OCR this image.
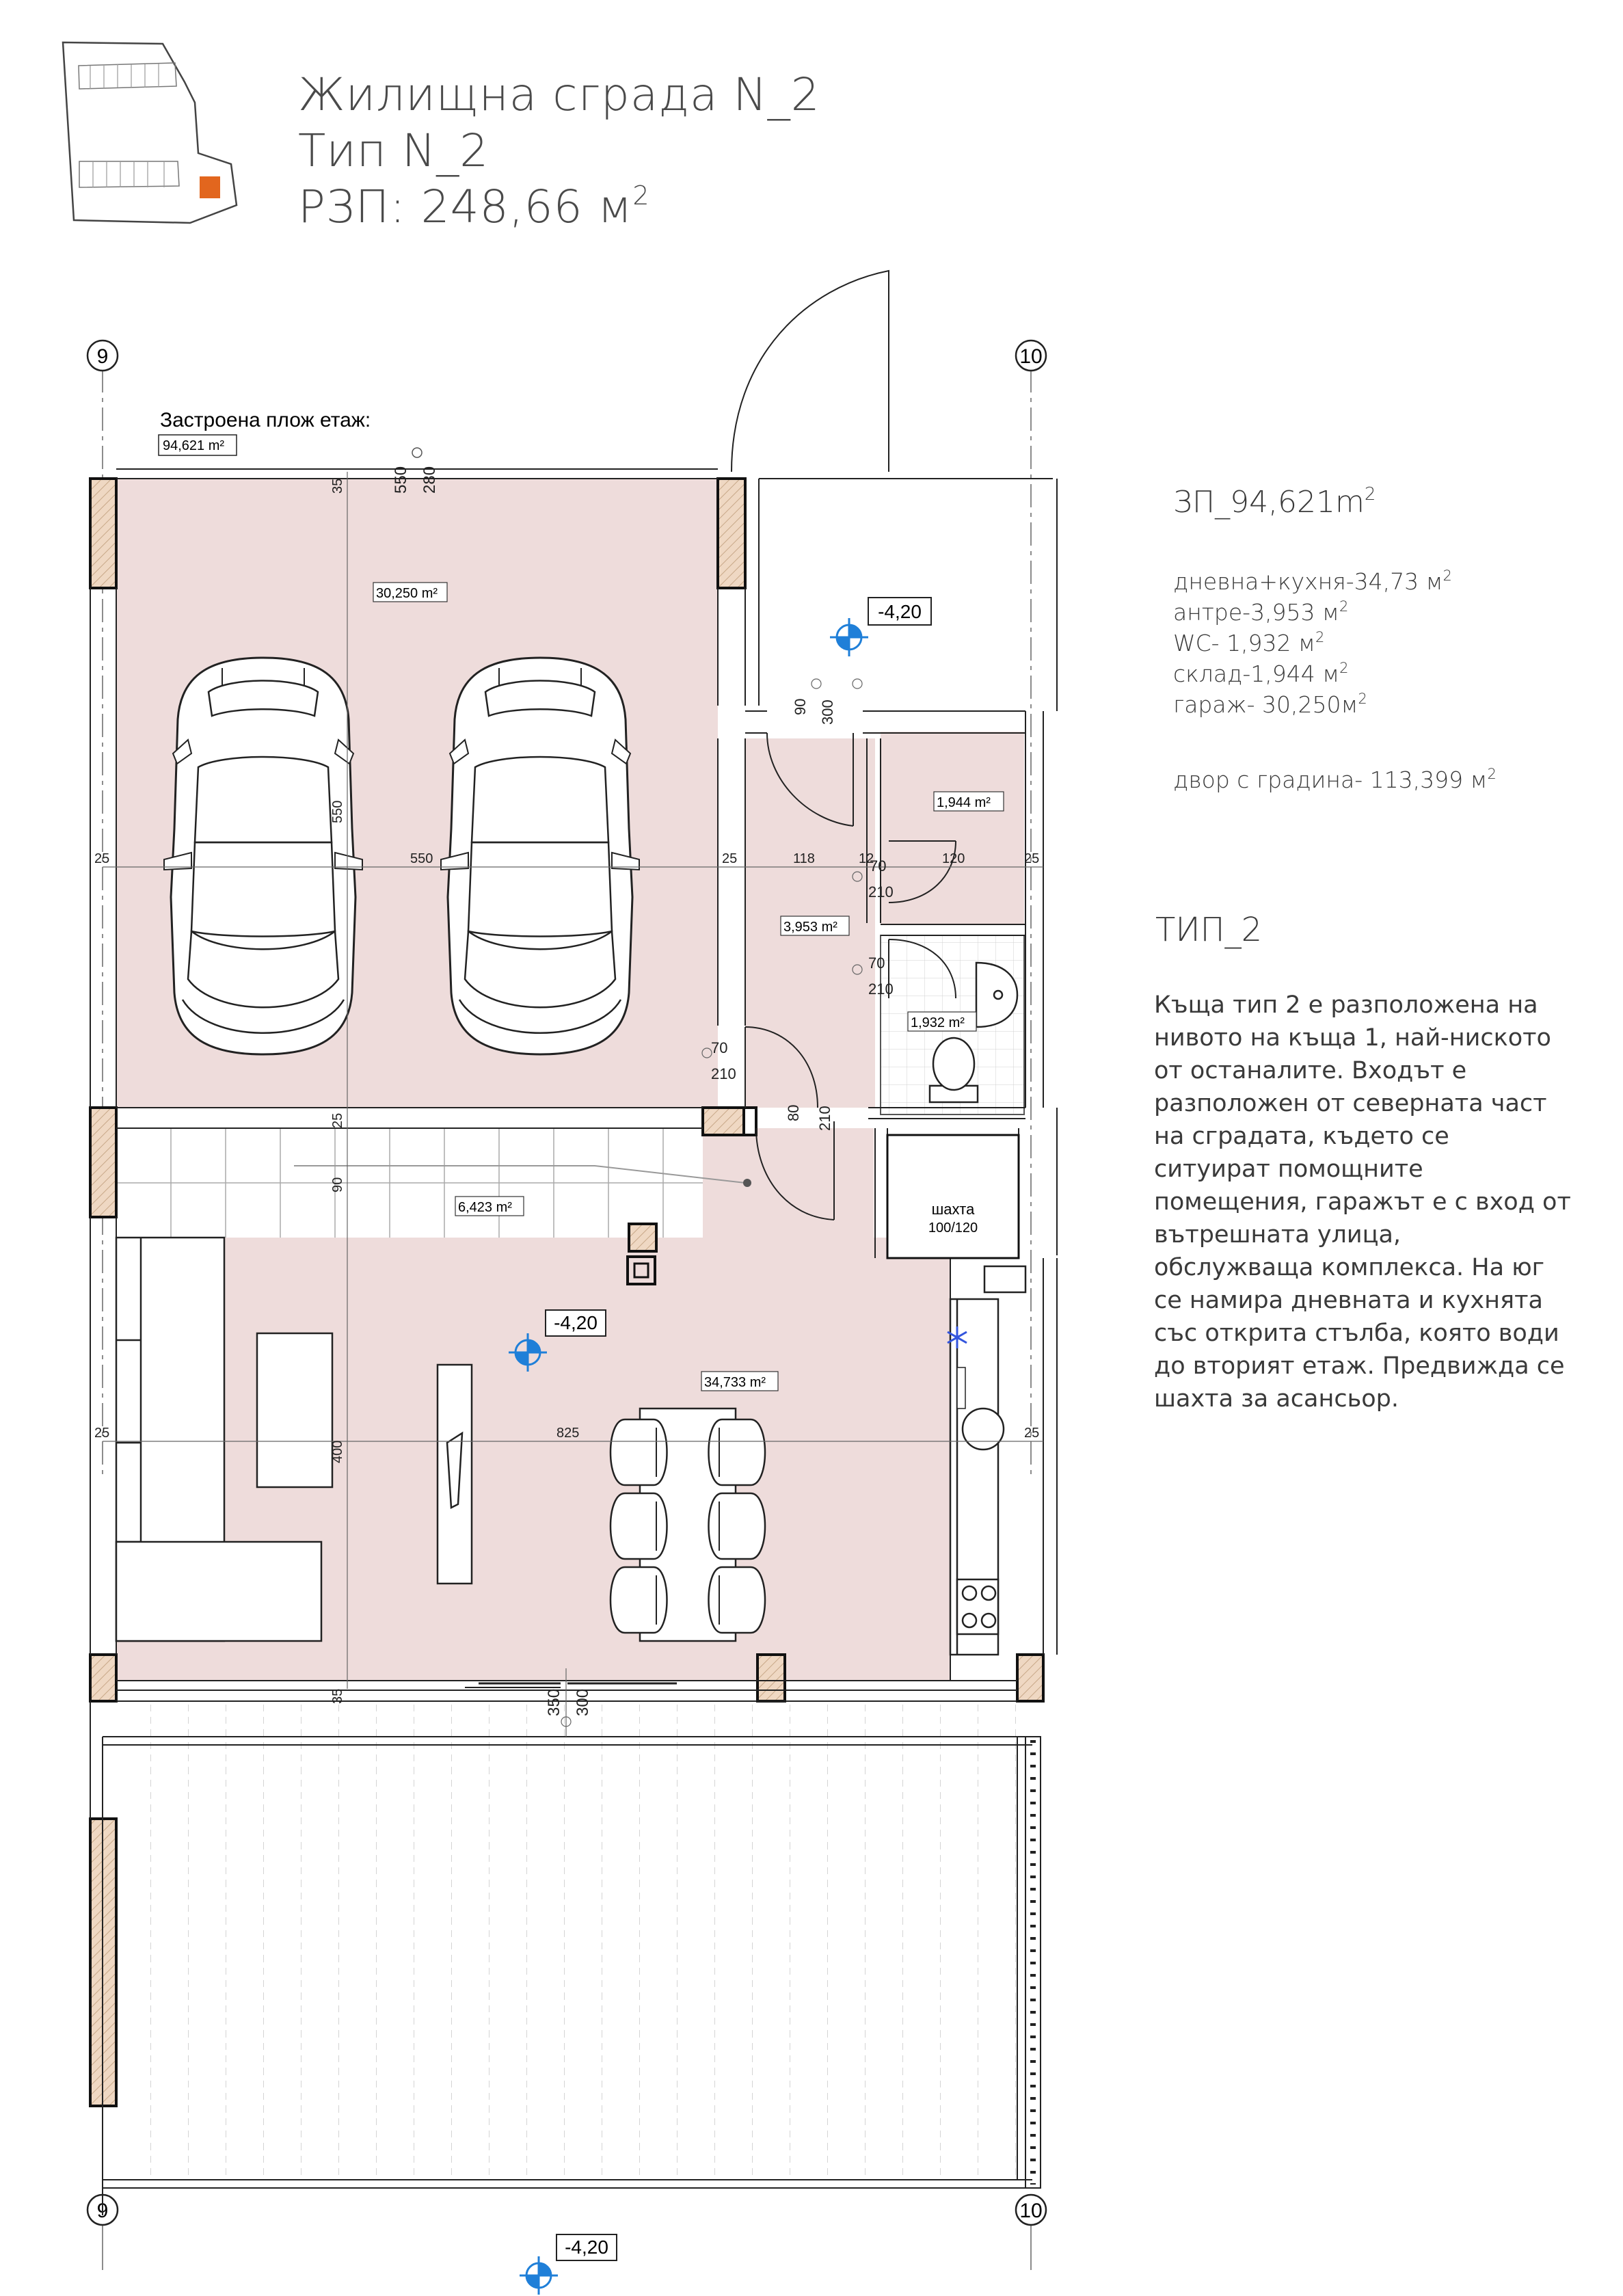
Жилищна сграда N_2
Тип N_2
РЗП: 248,66 $м^2$
$ЗП\_94,621m^2$
дневна+кухня-34,73 $м^2$
антре-3,953 $м^2$
WC- 1,932 $м^2$
склад-1,944 $м^2$
гараж- $30,250м^2$
двор с градина- 113,399 $м^2$
ТИП_2
Къща тип 2 е разположена на
нивото на къща 1, най-ниското
от останалите. Входът е
разположен от северната част
на сградата, където се
ситуират помощните
помещения, гаражът е с вход от
вътрешната улица,
обслужваща комплекса. На юг
се намира дневната и кухнята
със открита стълба, която води
до вторият етаж. Предвижда се
шахта за асансьор.
9	10
9	10
Застроена плож етаж:
94,621 m²
шахта
100/120
30,250 m²
1,944 m²
3,953 m²
1,932 m²
6,423 m²
34,733 m²
-4,20
-4,20
-4,20
35	550 280
550
550
25	25	25
118	12	120
90 300
70
210
70
210
70
210
80 210
25
90
25	825	25
400
35	350 300
